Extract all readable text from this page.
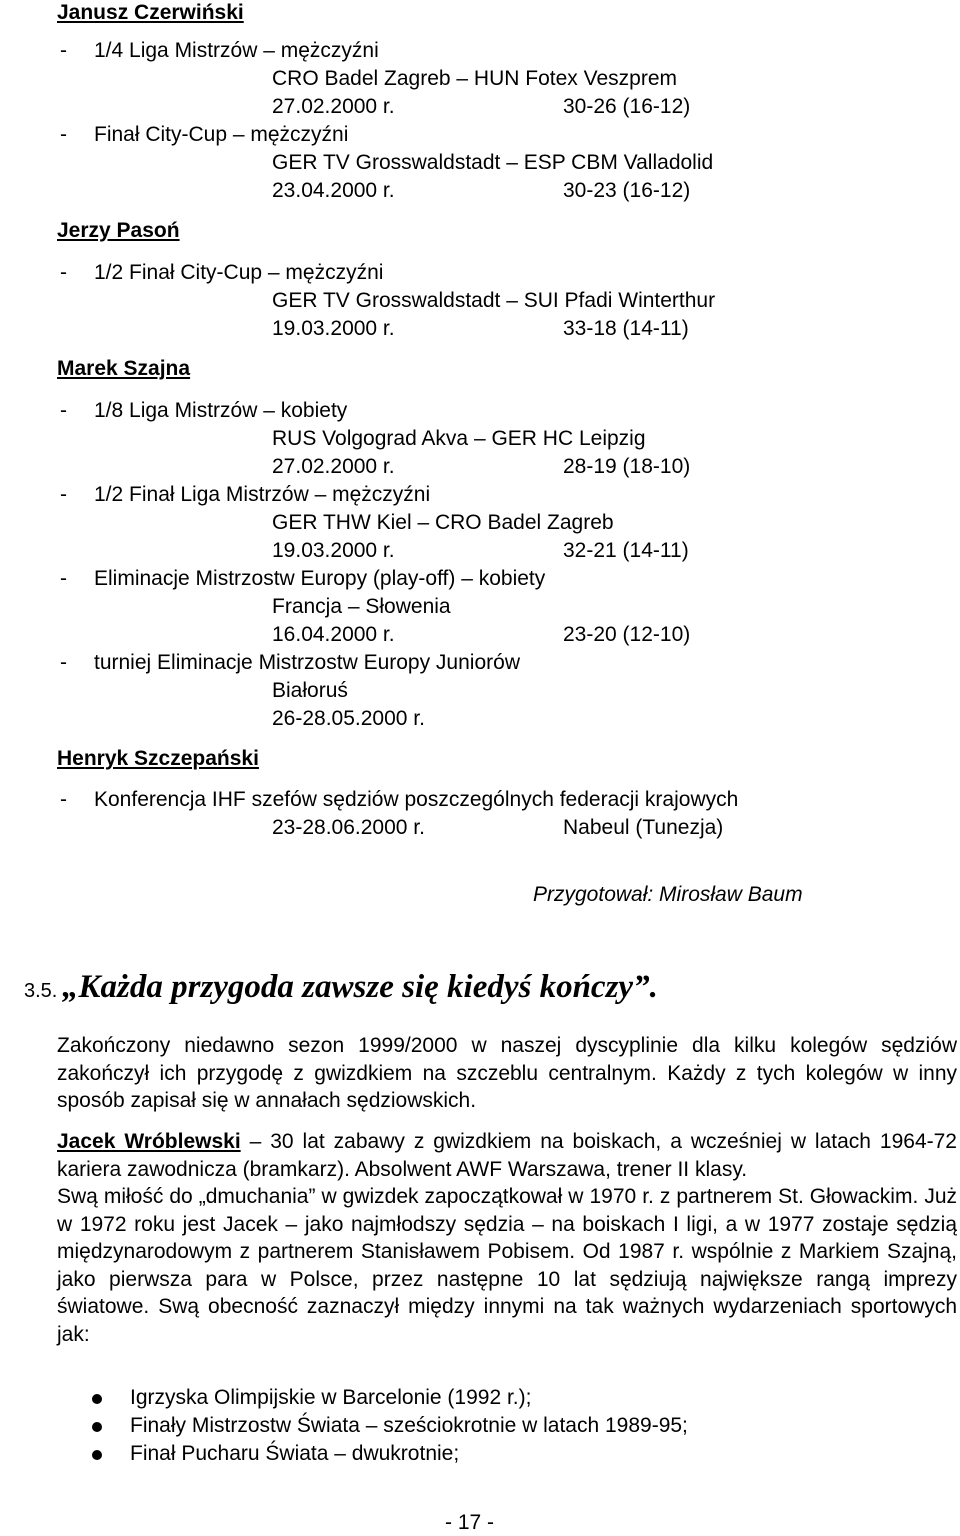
Janusz Czerwiński
- 1/4 Liga Mistrzów – mężczyźni
CRO Badel Zagreb – HUN Fotex Veszprem
27.02.2000 r.	30-26 (16-12)
- Finał City-Cup – mężczyźni
GER TV Grosswaldstadt – ESP CBM Valladolid
23.04.2000 r.	30-23 (16-12)
Jerzy Pasoń
- 1/2 Finał City-Cup – mężczyźni
GER TV Grosswaldstadt – SUI Pfadi Winterthur
19.03.2000 r.	33-18 (14-11)
Marek Szajna
- 1/8 Liga Mistrzów – kobiety
RUS Volgograd Akva – GER HC Leipzig
27.02.2000 r.	28-19 (18-10)
- 1/2 Finał Liga Mistrzów – mężczyźni
GER THW Kiel – CRO Badel Zagreb
19.03.2000 r.	32-21 (14-11)
- Eliminacje Mistrzostw Europy (play-off) – kobiety
Francja – Słowenia
16.04.2000 r.	23-20 (12-10)
- turniej Eliminacje Mistrzostw Europy Juniorów
Białoruś
26-28.05.2000 r.
Henryk Szczepański
- Konferencja IHF szefów sędziów poszczególnych federacji krajowych
23-28.06.2000 r.	Nabeul (Tunezja)
Przygotował: Mirosław Baum
3.5. „Każda przygoda zawsze się kiedyś kończy”.

Zakończony niedawno sezon 1999/2000 w naszej dyscyplinie dla kilku kolegów sędziów zakończył ich przygodę z gwizdkiem na szczeblu centralnym. Każdy z tych kolegów w inny sposób zapisał się w annałach sędziowskich.

Jacek Wróblewski – 30 lat zabawy z gwizdkiem na boiskach, a wcześniej w latach 1964-72 kariera zawodnicza (bramkarz). Absolwent AWF Warszawa, trener II klasy.

Swą miłość do „dmuchania” w gwizdek zapoczątkował w 1970 r. z partnerem St. Głowackim. Już w 1972 roku jest Jacek – jako najmłodszy sędzia – na boiskach I ligi, a w 1977 zostaje sędzią międzynarodowym z partnerem Stanisławem Pobisem. Od 1987 r. wspólnie z Markiem Szajną, jako pierwsza para w Polsce, przez następne 10 lat sędziują największe rangą imprezy światowe. Swą obecność zaznaczył między innymi na tak ważnych wydarzeniach sportowych jak:

Igrzyska Olimpijskie w Barcelonie (1992 r.);
Finały Mistrzostw Świata – sześciokrotnie w latach 1989-95;
Finał Pucharu Świata – dwukrotnie;
- 17 -
